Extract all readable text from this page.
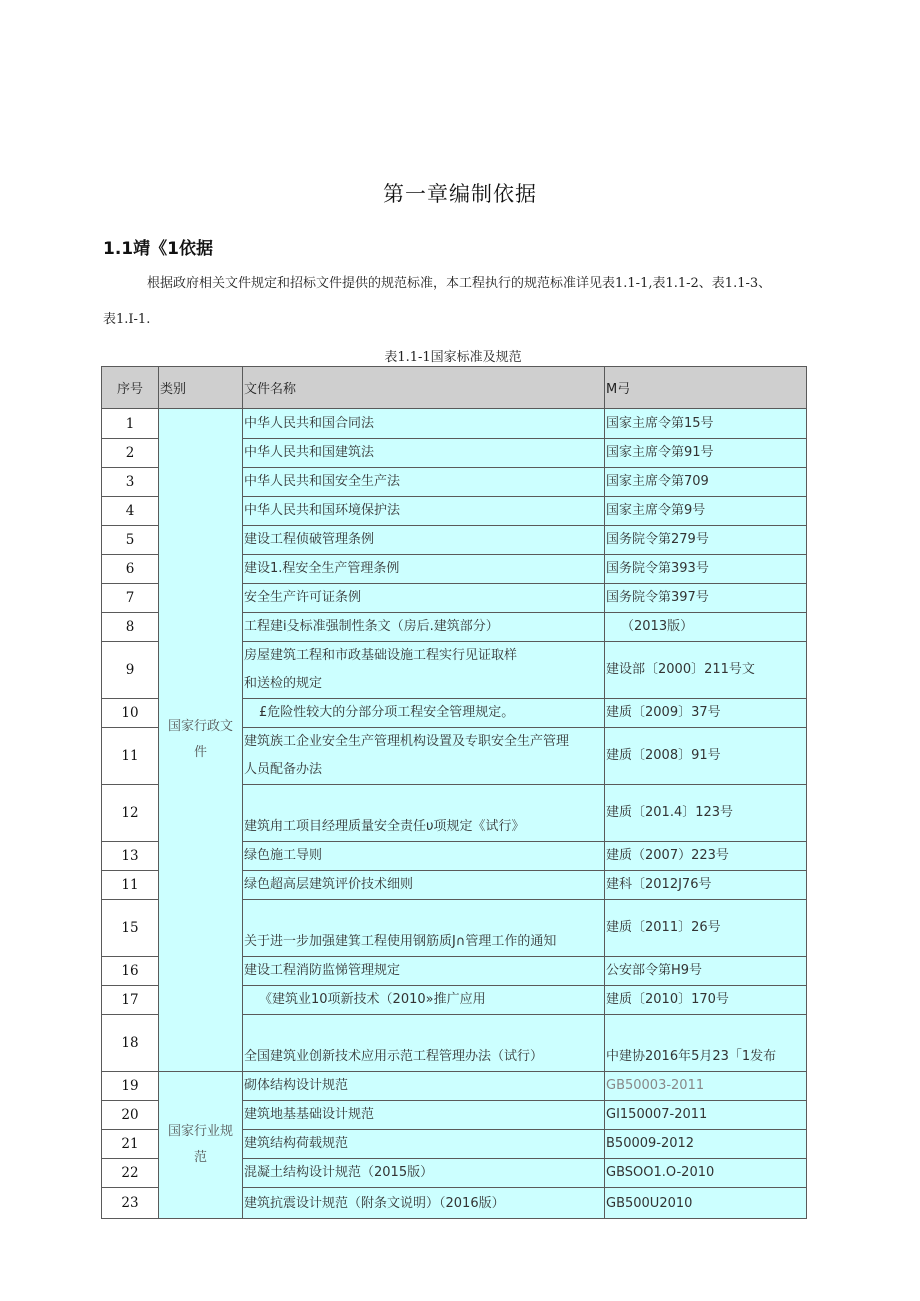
第一章编制依据
1.1靖《1依据
根据政府相关文件规定和招标文件提供的规范标准，本工程执行的规范标准详见表1.1-1,表1.1-2、表1.1-3、
表1.I-1.
表1.1-1国家标准及规范
序号	类别	文件名称	M弓
1	国家行政文件	中华人民共和国合同法	国家主席令第15号
2		中华人民共和国建筑法	国家主席令第91号
3		中华人民共和国安全生产法	国家主席令第709
4		中华人民共和国环境保护法	国家主席令第9号
5		建设工程侦破管理条例	国务院令第279号
6		建设1.程安全生产管理条例	国务院令第393号
7		安全生产许可证条例	国务院令第397号
8		工程建i殳标准强制性条文（房后.建筑部分）	（2013版）
9		房屋建筑工程和市政基础设施工程实行见证取样
和送检的规定	建设部〔2000〕211号文
10		£危险性较大的分部分项工程安全管理规定。	建质〔2009〕37号
11		建筑族工企业安全生产管理机构设置及专职安全生产管理
人员配备办法	建质〔2008〕91号
12		建筑甪工项目经理质量安全责任υ项规定《试行》	建质〔201.4〕123号
13		绿色施工导则	建质（2007）223号
11		绿色超高层建筑评价技术细则	建科〔2012J76号
15		关于进一步加强建箕工程使用钢筋质J∩管理工作的通知	建质〔2011〕26号
16		建设工程消防监悌管理规定	公安部令第H9号
17		《建筑业10项新技术（2010»推广应用	建质〔2010〕170号
18		全国建筑业创新技术应用示范工程管理办法（试行）	中建协2016年5月23「1发布
19	国家行业规范	砌体结构设计规范	GB50003-2011
20		建筑地基基础设计规范	GI150007-2011
21		建筑结构荷载规范	B50009-2012
22		混凝土结构设计规范（2015版）	GBSOO1.O-2010
23		建筑抗震设计规范（附条文说明）（2016版）	GB500U2010
